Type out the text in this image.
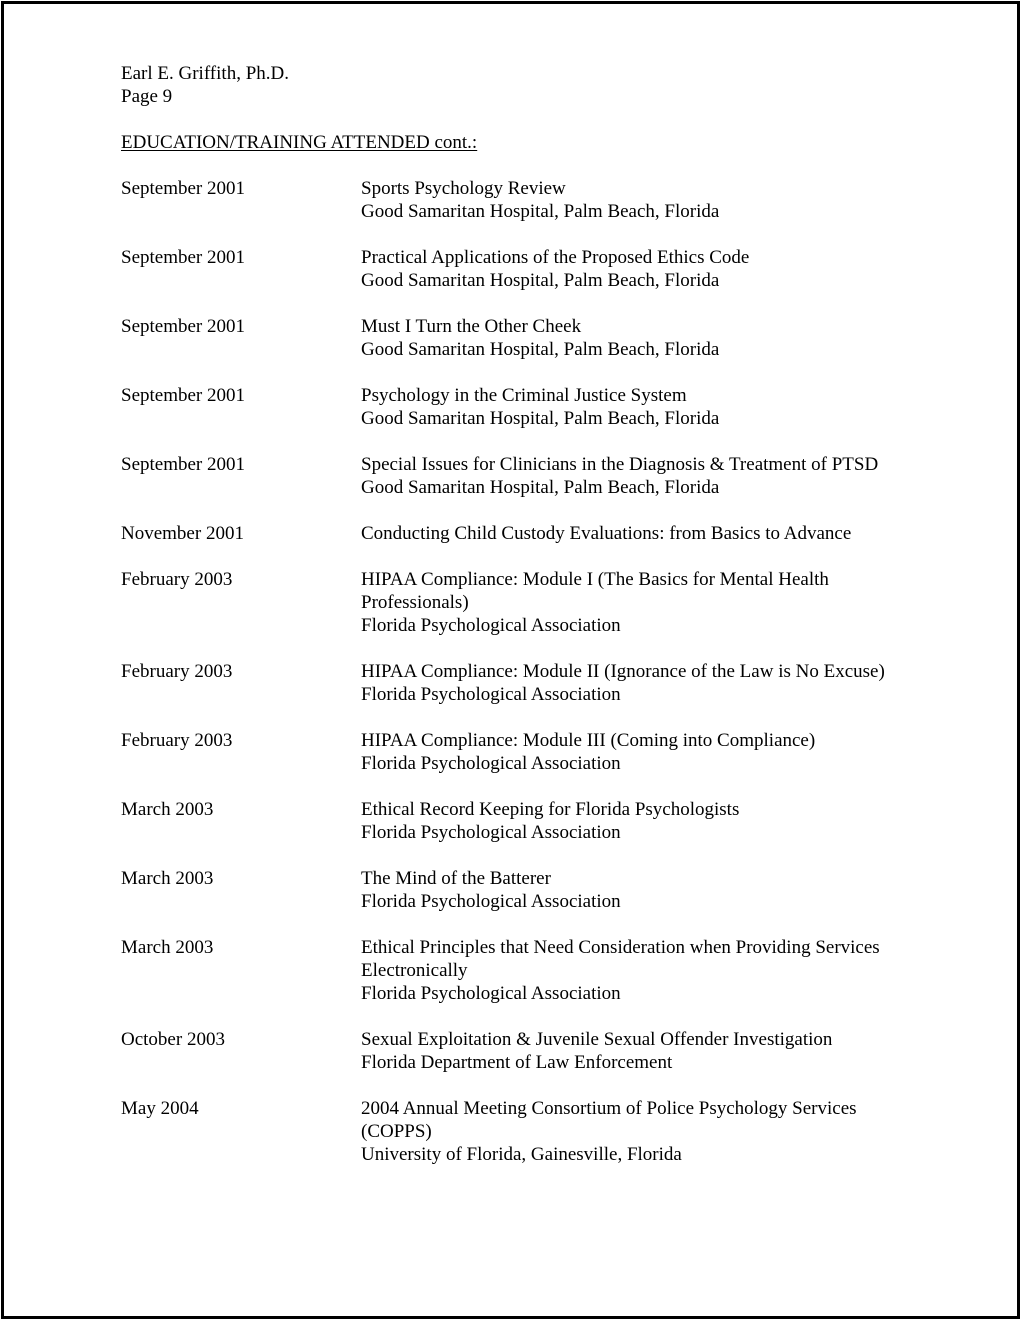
Earl E. Griffith, Ph.D.

Page 9

EDUCATION/TRAINING ATTENDED cont.:

September 2001	Sports Psychology Review
Good Samaritan Hospital, Palm Beach, Florida
September 2001	Practical Applications of the Proposed Ethics Code
Good Samaritan Hospital, Palm Beach, Florida
September 2001	Must I Turn the Other Cheek
Good Samaritan Hospital, Palm Beach, Florida
September 2001	Psychology in the Criminal Justice System
Good Samaritan Hospital, Palm Beach, Florida
September 2001	Special Issues for Clinicians in the Diagnosis & Treatment of PTSD
Good Samaritan Hospital, Palm Beach, Florida
November 2001	Conducting Child Custody Evaluations: from Basics to Advance
February 2003	HIPAA Compliance: Module I (The Basics for Mental Health Professionals)
Florida Psychological Association
February 2003	HIPAA Compliance: Module II (Ignorance of the Law is No Excuse)
Florida Psychological Association
February 2003	HIPAA Compliance: Module III (Coming into Compliance)
Florida Psychological Association
March 2003	Ethical Record Keeping for Florida Psychologists
Florida Psychological Association
March 2003	The Mind of the Batterer
Florida Psychological Association
March 2003	Ethical Principles that Need Consideration when Providing Services Electronically
Florida Psychological Association
October 2003	Sexual Exploitation & Juvenile Sexual Offender Investigation
Florida Department of Law Enforcement
May 2004	2004 Annual Meeting Consortium of Police Psychology Services (COPPS)
University of Florida, Gainesville, Florida
